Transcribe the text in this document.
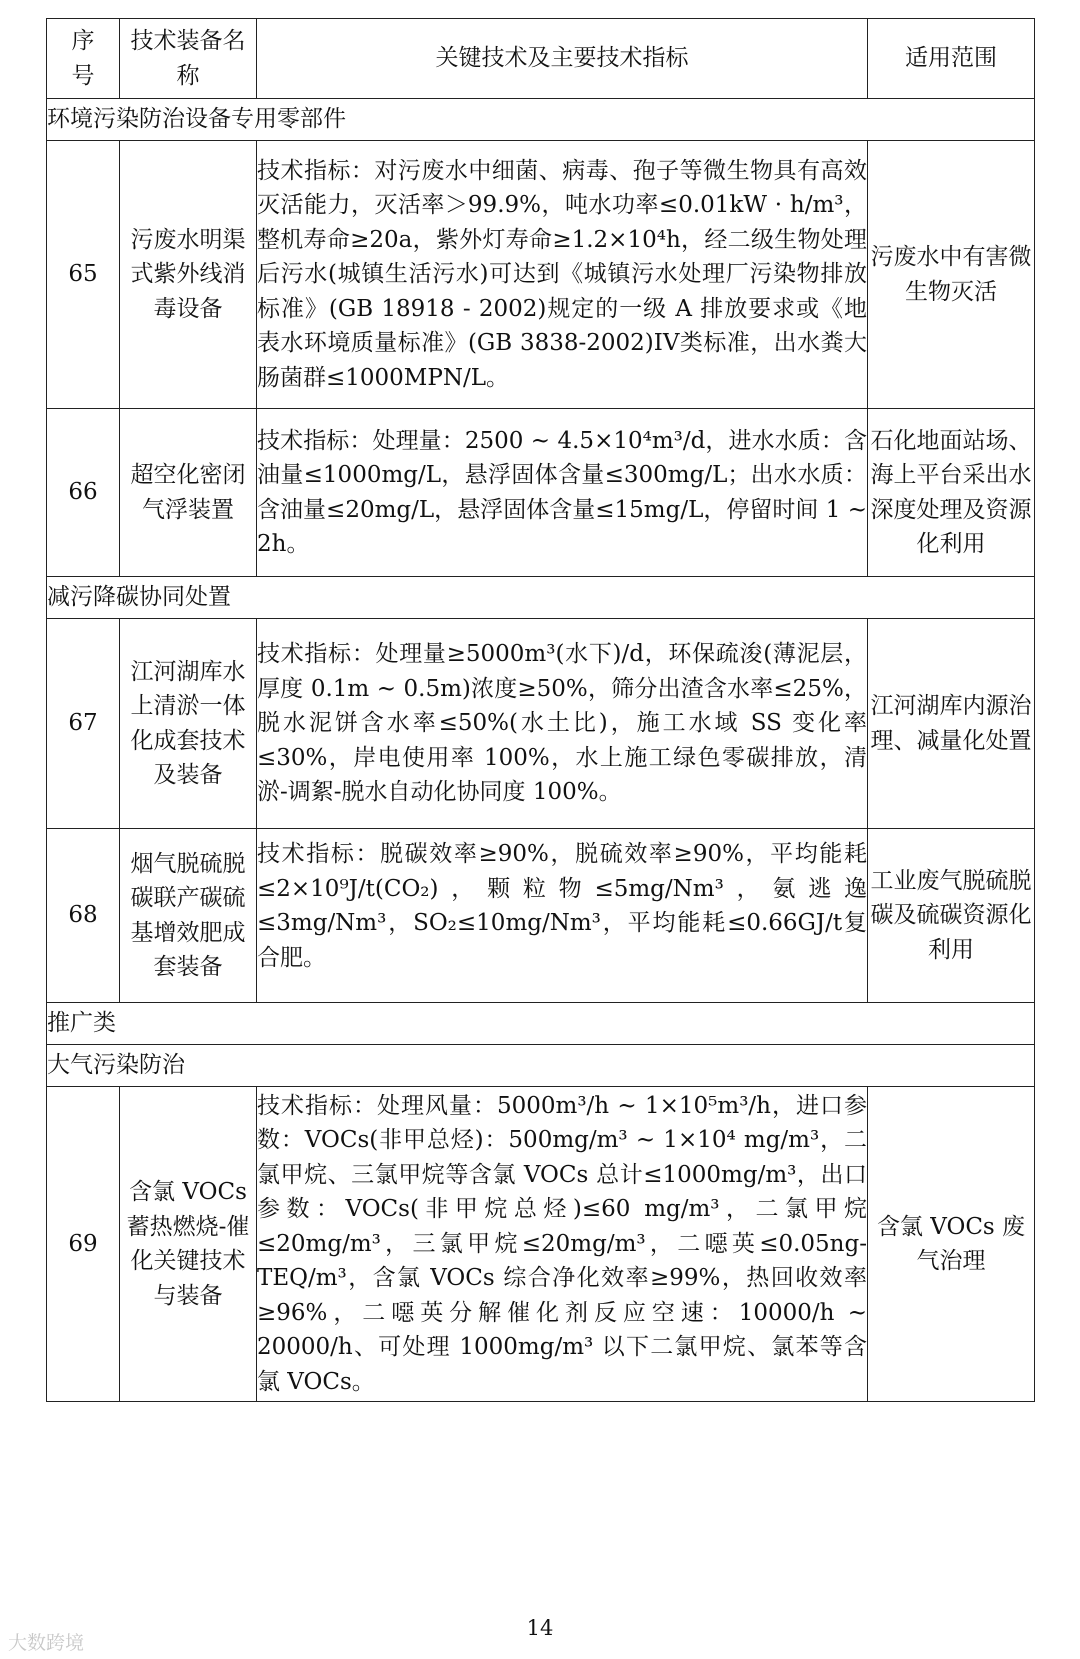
序号	技术装备名称	关键技术及主要技术指标	适用范围
环境污染防治设备专用零部件			
65	污废水明渠式紫外线消毒设备	技术指标：对污废水中细菌、病毒、孢子等微生物具有高效灭活能力，灭活率＞99.9%，吨水功率≤0.01kW · h/m³，整机寿命≥20a，紫外灯寿命≥1.2×10⁴h，经二级生物处理后污水(城镇生活污水)可达到《城镇污水处理厂污染物排放标准》(GB 18918 - 2002)规定的一级 A 排放要求或《地表水环境质量标准》(GB 3838-2002)IV类标准，出水粪大肠菌群≤1000MPN/L。	污废水中有害微生物灭活
66	超空化密闭气浮装置	技术指标：处理量：2500 ~ 4.5×10⁴m³/d，进水水质：含油量≤1000mg/L，悬浮固体含量≤300mg/L；出水水质：含油量≤20mg/L，悬浮固体含量≤15mg/L，停留时间 1 ~ 2h。	石化地面站场、海上平台采出水深度处理及资源化利用
减污降碳协同处置			
67	江河湖库水上清淤一体化成套技术及装备	技术指标：处理量≥5000m³(水下)/d，环保疏浚(薄泥层，厚度 0.1m ~ 0.5m)浓度≥50%，筛分出渣含水率≤25%，脱水泥饼含水率≤50%(水土比)，施工水域 SS 变化率≤30%，岸电使用率 100%，水上施工绿色零碳排放，清淤-调絮-脱水自动化协同度 100%。	江河湖库内源治理、减量化处置
68	烟气脱硫脱碳联产碳硫基增效肥成套装备	技术指标：脱碳效率≥90%，脱硫效率≥90%，平均能耗≤2×10⁹J/t(CO₂)，颗粒物≤5mg/Nm³，氨逃逸≤3mg/Nm³，SO₂≤10mg/Nm³，平均能耗≤0.66GJ/t复合肥。	工业废气脱硫脱碳及硫碳资源化利用
推广类			
大气污染防治			
69	含氯 VOCs 蓄热燃烧-催化关键技术与装备	技术指标：处理风量：5000m³/h ~ 1×10⁵m³/h，进口参数：VOCs(非甲总烃)：500mg/m³ ~ 1×10⁴ mg/m³，二氯甲烷、三氯甲烷等含氯 VOCs 总计≤1000mg/m³，出口参数：VOCs(非甲烷总烃)≤60 mg/m³，二氯甲烷≤20mg/m³，三氯甲烷≤20mg/m³，二噁英≤0.05ng-TEQ/m³，含氯 VOCs 综合净化效率≥99%，热回收效率≥96%，二噁英分解催化剂反应空速：10000/h ~ 20000/h、可处理 1000mg/m³ 以下二氯甲烷、氯苯等含氯 VOCs。	含氯 VOCs 废气治理
14
大数跨境
